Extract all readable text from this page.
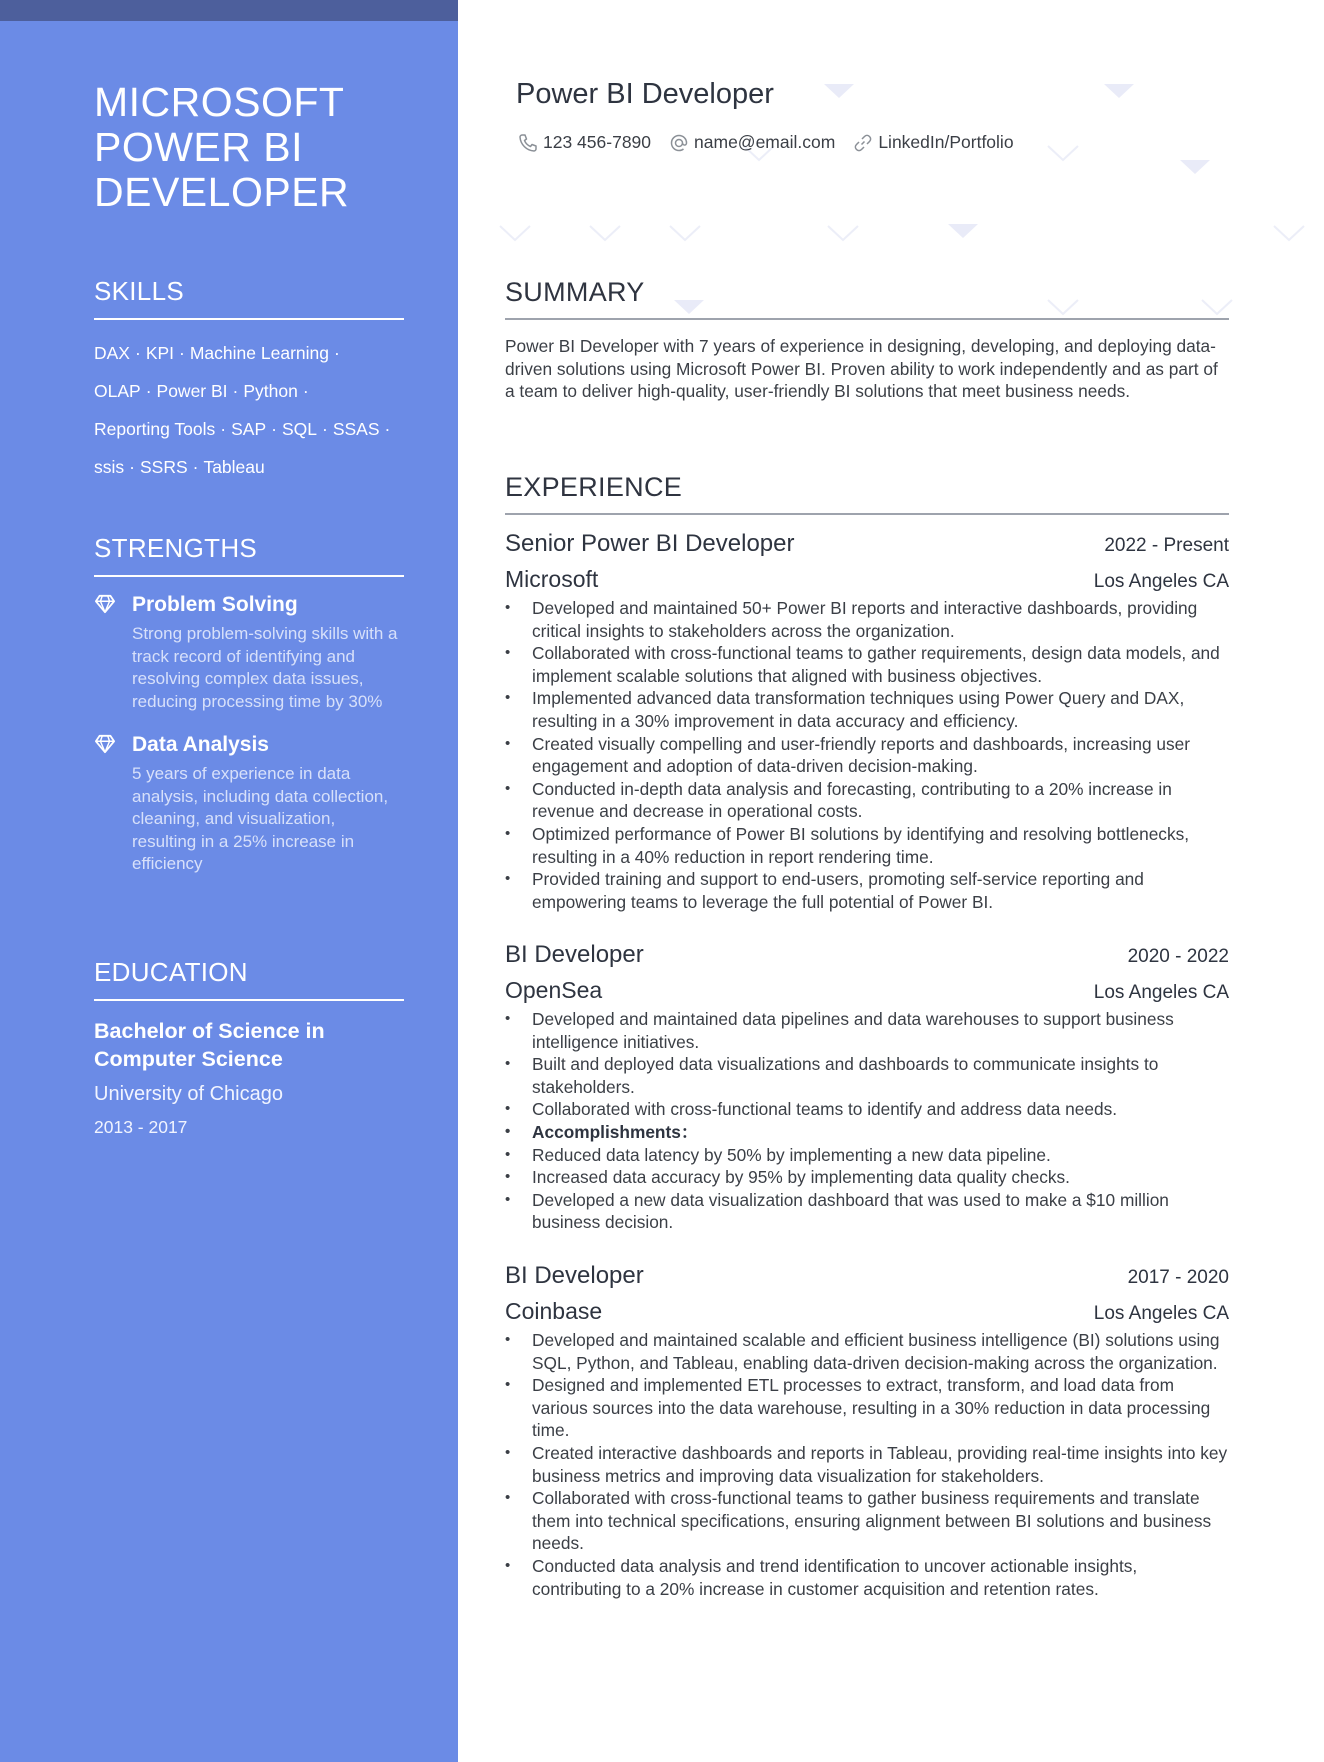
MICROSOFT
POWER BI
DEVELOPER
SKILLS
DAX · KPI · Machine Learning ·
OLAP · Power BI · Python ·
Reporting Tools · SAP · SQL · SSAS ·
ssis · SSRS · Tableau
STRENGTHS
Problem Solving
Strong problem-solving skills with a track record of identifying and resolving complex data issues, reducing processing time by 30%
Data Analysis
5 years of experience in data analysis, including data collection, cleaning, and visualization, resulting in a 25% increase in efficiency
EDUCATION
Bachelor of Science in Computer Science
University of Chicago
2013 - 2017
Power BI Developer
123 456-7890 name@email.com LinkedIn/Portfolio
SUMMARY

Power BI Developer with 7 years of experience in designing, developing, and deploying data-driven solutions using Microsoft Power BI. Proven ability to work independently and as part of a team to deliver high-quality, user-friendly BI solutions that meet business needs.

EXPERIENCE
Senior Power BI Developer	2022 - Present
Microsoft	Los Angeles CA
• Developed and maintained 50+ Power BI reports and interactive dashboards, providing critical insights to stakeholders across the organization.
• Collaborated with cross-functional teams to gather requirements, design data models, and implement scalable solutions that aligned with business objectives.
• Implemented advanced data transformation techniques using Power Query and DAX, resulting in a 30% improvement in data accuracy and efficiency.
• Created visually compelling and user-friendly reports and dashboards, increasing user engagement and adoption of data-driven decision-making.
• Conducted in-depth data analysis and forecasting, contributing to a 20% increase in revenue and decrease in operational costs.
• Optimized performance of Power BI solutions by identifying and resolving bottlenecks, resulting in a 40% reduction in report rendering time.
• Provided training and support to end-users, promoting self-service reporting and empowering teams to leverage the full potential of Power BI.
BI Developer	2020 - 2022
OpenSea	Los Angeles CA
• Developed and maintained data pipelines and data warehouses to support business intelligence initiatives.
• Built and deployed data visualizations and dashboards to communicate insights to stakeholders.
• Collaborated with cross-functional teams to identify and address data needs.
• Accomplishments：
• Reduced data latency by 50% by implementing a new data pipeline.
• Increased data accuracy by 95% by implementing data quality checks.
• Developed a new data visualization dashboard that was used to make a $10 million business decision.
BI Developer	2017 - 2020
Coinbase	Los Angeles CA
• Developed and maintained scalable and efficient business intelligence (BI) solutions using SQL, Python, and Tableau, enabling data-driven decision-making across the organization.
• Designed and implemented ETL processes to extract, transform, and load data from various sources into the data warehouse, resulting in a 30% reduction in data processing time.
• Created interactive dashboards and reports in Tableau, providing real-time insights into key business metrics and improving data visualization for stakeholders.
• Collaborated with cross-functional teams to gather business requirements and translate them into technical specifications, ensuring alignment between BI solutions and business needs.
• Conducted data analysis and trend identification to uncover actionable insights, contributing to a 20% increase in customer acquisition and retention rates.
